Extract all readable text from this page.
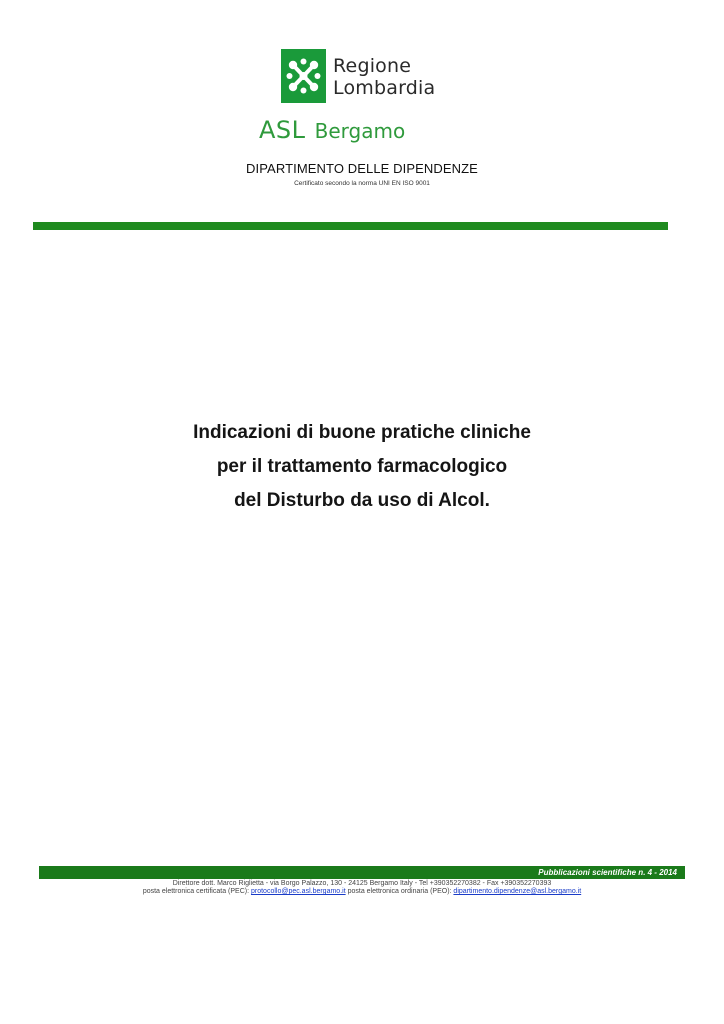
Regione
Lombardia
ASL Bergamo
DIPARTIMENTO DELLE DIPENDENZE
Certificato secondo la norma UNI EN ISO 9001
Indicazioni di buone pratiche cliniche
per il trattamento farmacologico
del Disturbo da uso di Alcol.
Pubblicazioni scientifiche n. 4 - 2014
Direttore dott. Marco Riglietta - via Borgo Palazzo, 130 - 24125 Bergamo Italy - Tel +390352270382 - Fax +390352270393
posta elettronica certificata (PEC): protocollo@pec.asl.bergamo.it posta elettronica ordinaria (PEO): dipartimento.dipendenze@asl.bergamo.it
